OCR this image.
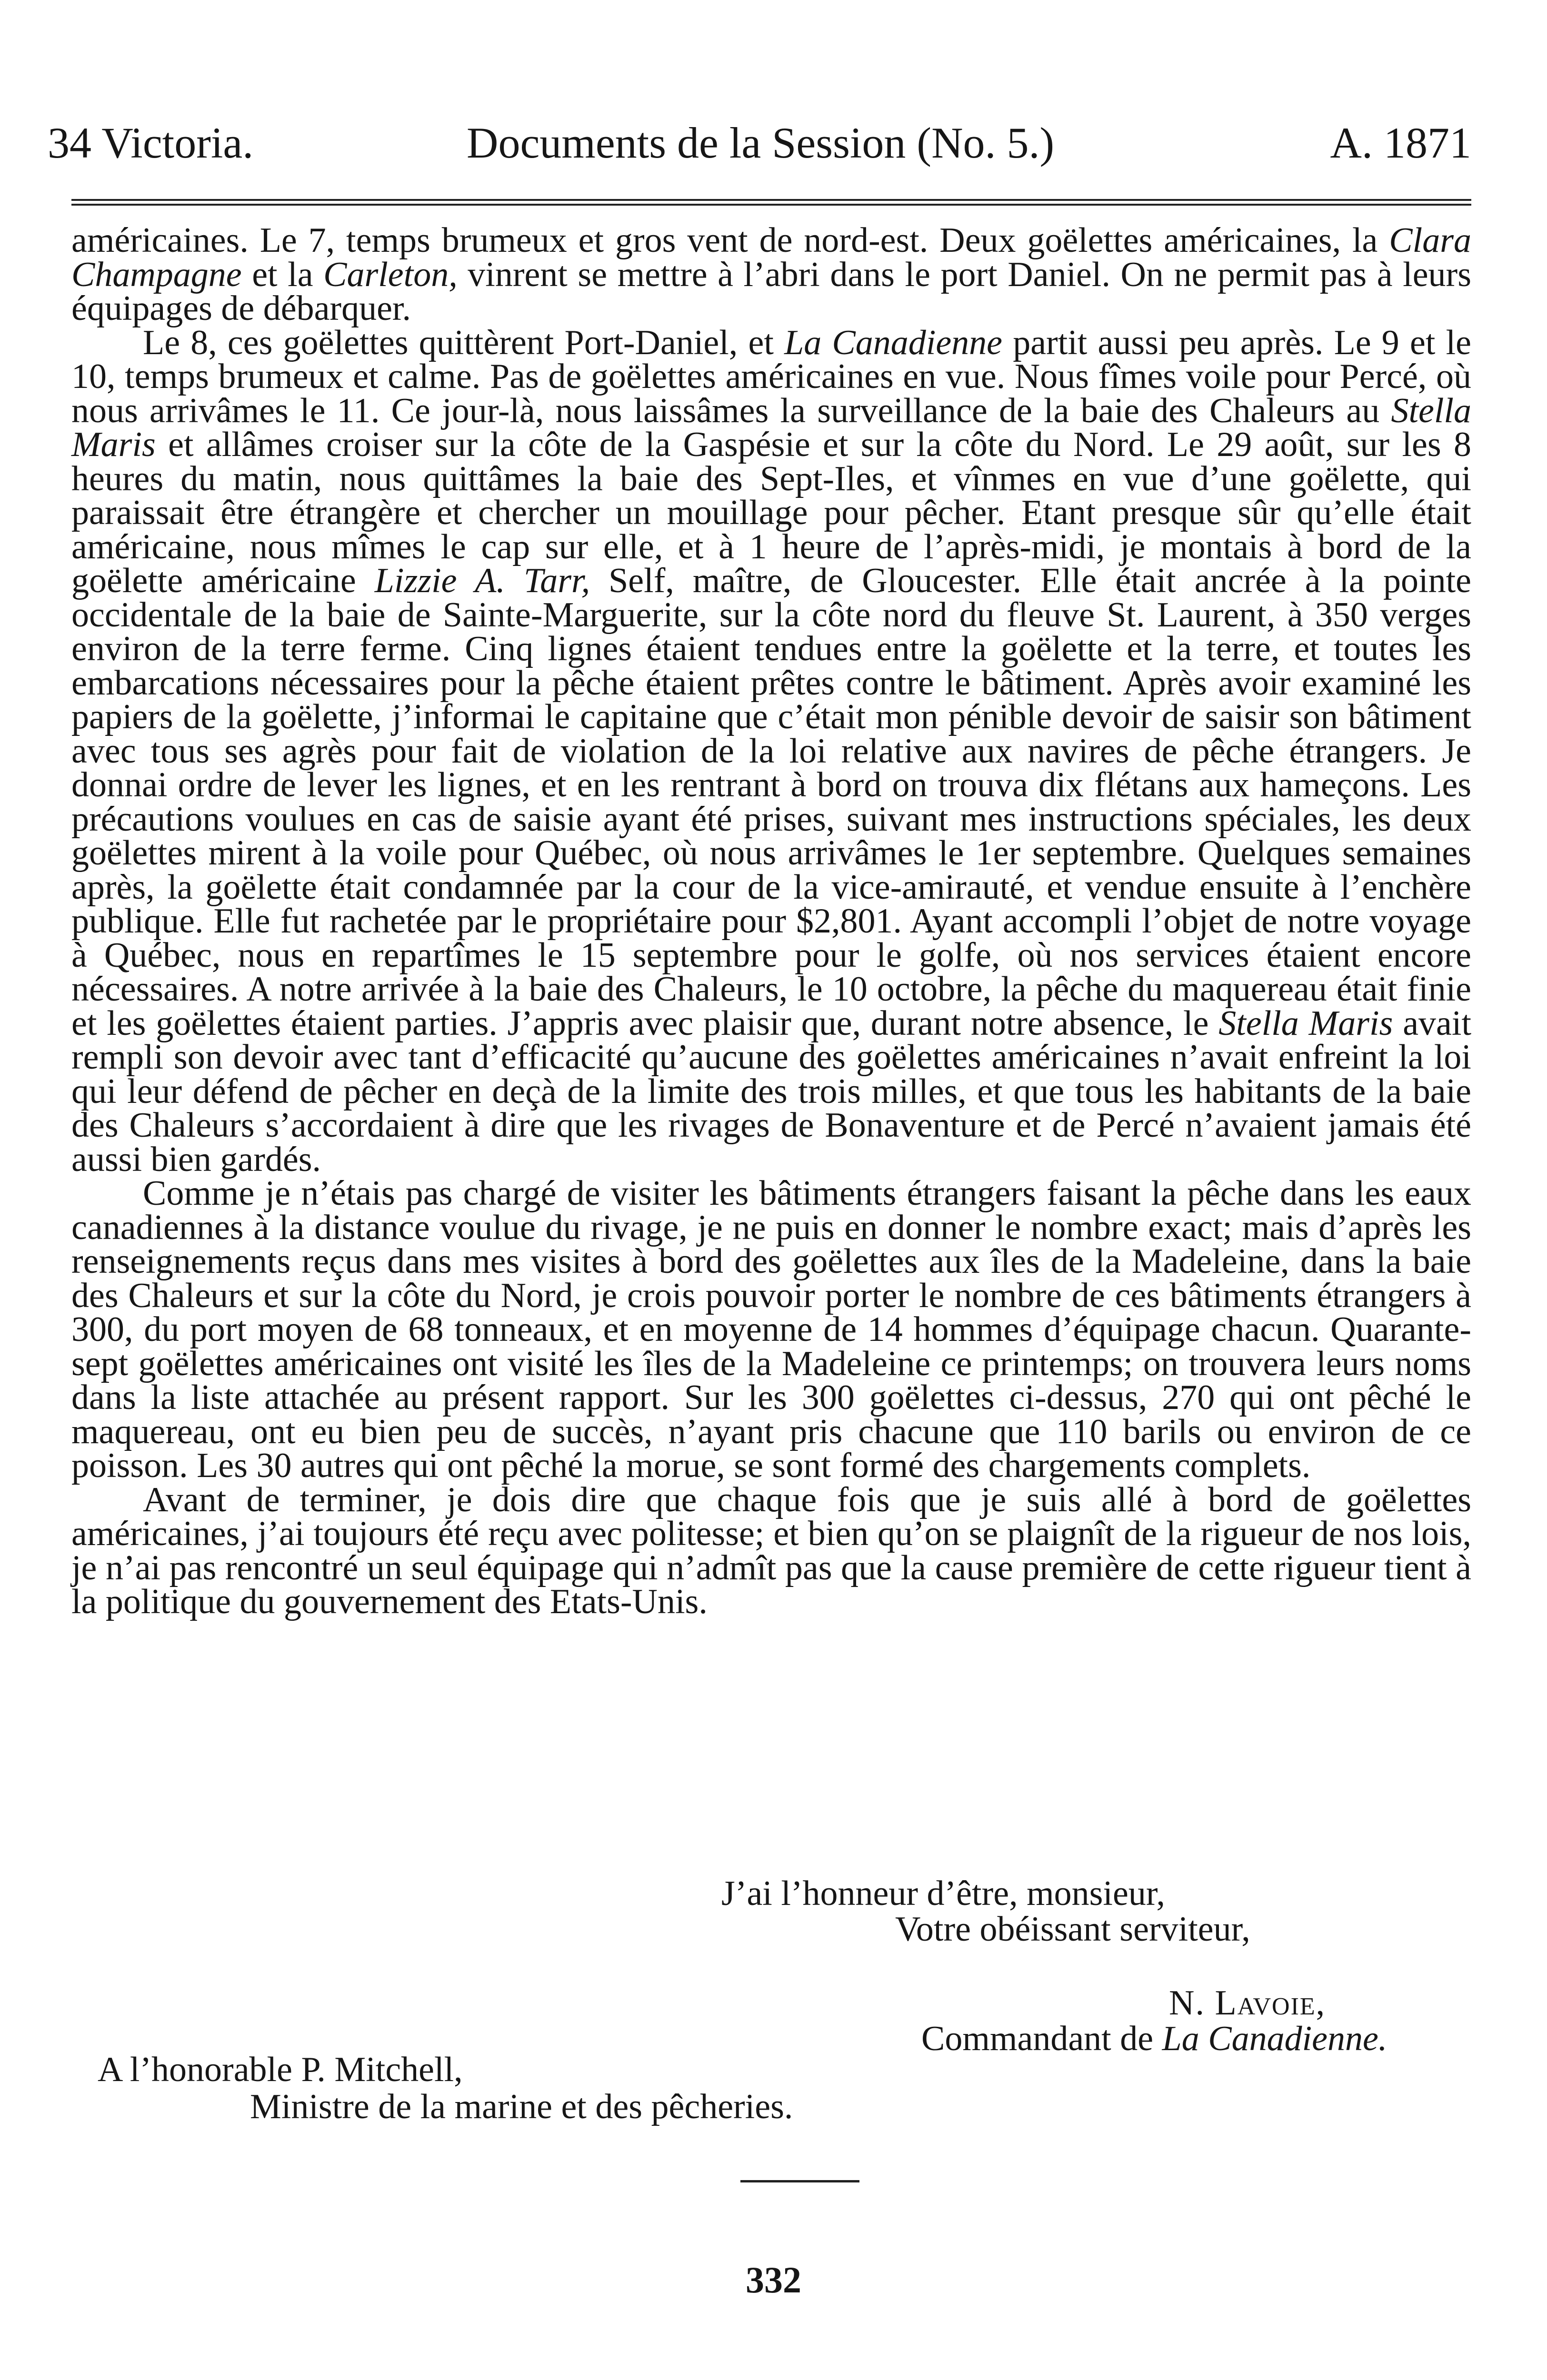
34 Victoria.	Documents de la Session (No. 5.)	A. 1871

américaines. Le 7, temps brumeux et gros vent de nord-est. Deux goëlettes américaines, la Clara Champagne et la Carleton, vinrent se mettre à l’abri dans le port Daniel. On ne permit pas à leurs équipages de débarquer.

Le 8, ces goëlettes quittèrent Port-Daniel, et La Canadienne partit aussi peu après. Le 9 et le 10, temps brumeux et calme. Pas de goëlettes américaines en vue. Nous fîmes voile pour Percé, où nous arrivâmes le 11. Ce jour-là, nous laissâmes la surveillance de la baie des Chaleurs au Stella Maris et allâmes croiser sur la côte de la Gaspésie et sur la côte du Nord. Le 29 août, sur les 8 heures du matin, nous quittâmes la baie des Sept-Iles, et vînmes en vue d’une goëlette, qui paraissait être étrangère et chercher un mouillage pour pêcher. Etant presque sûr qu’elle était américaine, nous mîmes le cap sur elle, et à 1 heure de l’après-midi, je montais à bord de la goëlette américaine Lizzie A. Tarr, Self, maître, de Gloucester. Elle était ancrée à la pointe occidentale de la baie de Sainte-Marguerite, sur la côte nord du fleuve St. Laurent, à 350 verges environ de la terre ferme. Cinq lignes étaient tendues entre la goëlette et la terre, et toutes les embarcations nécessaires pour la pêche étaient prêtes contre le bâtiment. Après avoir examiné les papiers de la goëlette, j’informai le capitaine que c’était mon pénible devoir de saisir son bâtiment avec tous ses agrès pour fait de violation de la loi relative aux navires de pêche étrangers. Je donnai ordre de lever les lignes, et en les rentrant à bord on trouva dix flétans aux hameçons. Les précautions voulues en cas de saisie ayant été prises, suivant mes instructions spéciales, les deux goëlettes mirent à la voile pour Québec, où nous arrivâmes le 1er septembre. Quelques semaines après, la goëlette était condamnée par la cour de la vice-amirauté, et vendue ensuite à l’enchère publique. Elle fut rachetée par le propriétaire pour $2,801. Ayant accompli l’objet de notre voyage à Québec, nous en repartîmes le 15 septembre pour le golfe, où nos services étaient encore nécessaires. A notre arrivée à la baie des Chaleurs, le 10 octobre, la pêche du maquereau était finie et les goëlettes étaient parties. J’appris avec plaisir que, durant notre absence, le Stella Maris avait rempli son devoir avec tant d’efficacité qu’aucune des goëlettes américaines n’avait enfreint la loi qui leur défend de pêcher en deçà de la limite des trois milles, et que tous les habitants de la baie des Chaleurs s’accordaient à dire que les rivages de Bonaventure et de Percé n’avaient jamais été aussi bien gardés.

Comme je n’étais pas chargé de visiter les bâtiments étrangers faisant la pêche dans les eaux canadiennes à la distance voulue du rivage, je ne puis en donner le nombre exact; mais d’après les renseignements reçus dans mes visites à bord des goëlettes aux îles de la Madeleine, dans la baie des Chaleurs et sur la côte du Nord, je crois pouvoir porter le nombre de ces bâtiments étrangers à 300, du port moyen de 68 tonneaux, et en moyenne de 14 hommes d’équipage chacun. Quarante-sept goëlettes américaines ont visité les îles de la Madeleine ce printemps; on trouvera leurs noms dans la liste attachée au présent rapport. Sur les 300 goëlettes ci-dessus, 270 qui ont pêché le maquereau, ont eu bien peu de succès, n’ayant pris chacune que 110 barils ou environ de ce poisson. Les 30 autres qui ont pêché la morue, se sont formé des chargements complets.

Avant de terminer, je dois dire que chaque fois que je suis allé à bord de goëlettes américaines, j’ai toujours été reçu avec politesse; et bien qu’on se plaignît de la rigueur de nos lois, je n’ai pas rencontré un seul équipage qui n’admît pas que la cause première de cette rigueur tient à la politique du gouvernement des Etats-Unis.

J’ai l’honneur d’être, monsieur,
Votre obéissant serviteur,
N. Lavoie,
Commandant de La Canadienne.
A l’honorable P. Mitchell,
Ministre de la marine et des pêcheries.
332
